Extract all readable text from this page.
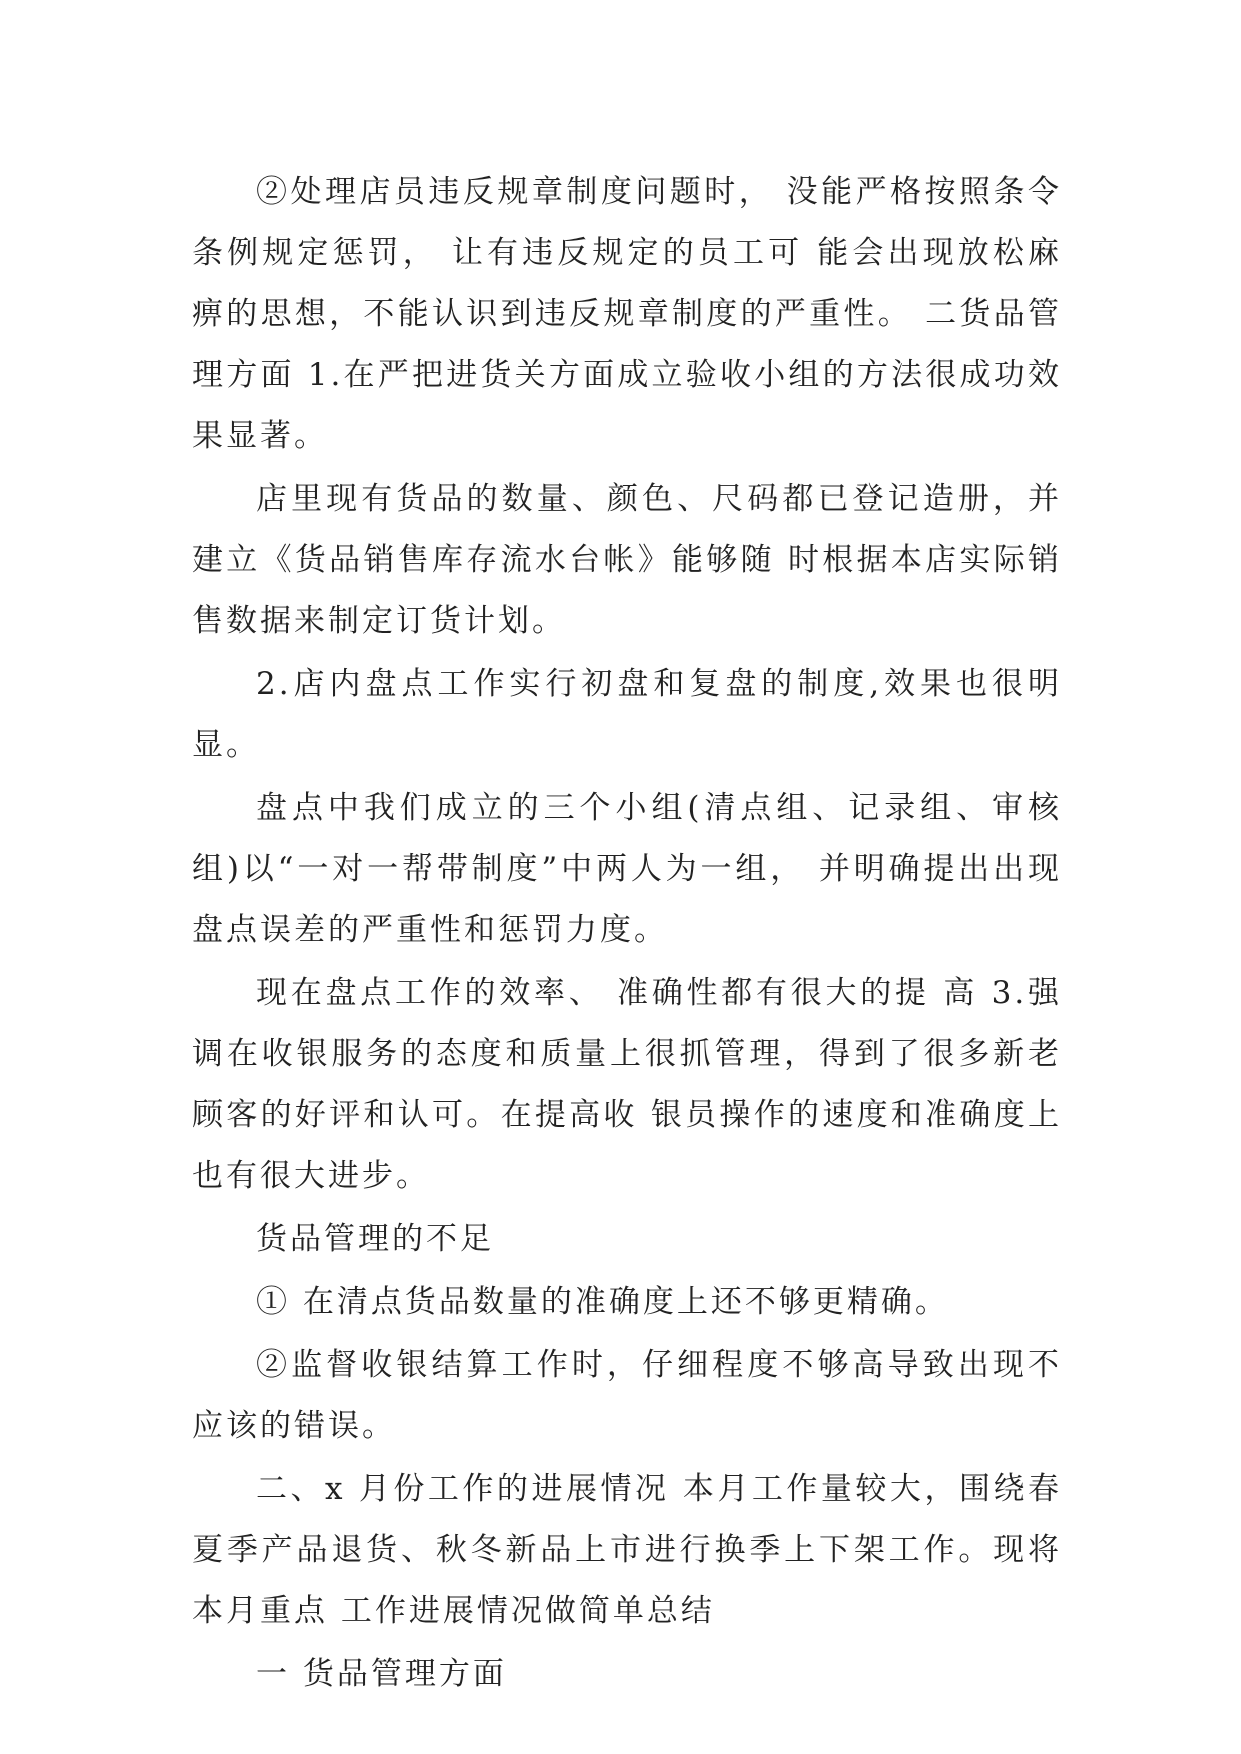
②处理店员违反规章制度问题时， 没能严格按照条令条例规定惩罚， 让有违反规定的员工可 能会出现放松麻痹的思想，不能认识到违反规章制度的严重性。 二货品管理方面 1.在严把进货关方面成立验收小组的方法很成功效果显著。

店里现有货品的数量、颜色、尺码都已登记造册，并建立《货品销售库存流水台帐》能够随 时根据本店实际销售数据来制定订货计划。

2.店内盘点工作实行初盘和复盘的制度,效果也很明显。

盘点中我们成立的三个小组(清点组、记录组、审核组)以“一对一帮带制度”中两人为一组， 并明确提出出现盘点误差的严重性和惩罚力度。

现在盘点工作的效率、 准确性都有很大的提 高 3.强调在收银服务的态度和质量上很抓管理，得到了很多新老顾客的好评和认可。在提高收 银员操作的速度和准确度上也有很大进步。

货品管理的不足

① 在清点货品数量的准确度上还不够更精确。

②监督收银结算工作时，仔细程度不够高导致出现不应该的错误。

二、x 月份工作的进展情况 本月工作量较大，围绕春夏季产品退货、秋冬新品上市进行换季上下架工作。现将本月重点 工作进展情况做简单总结

一 货品管理方面
